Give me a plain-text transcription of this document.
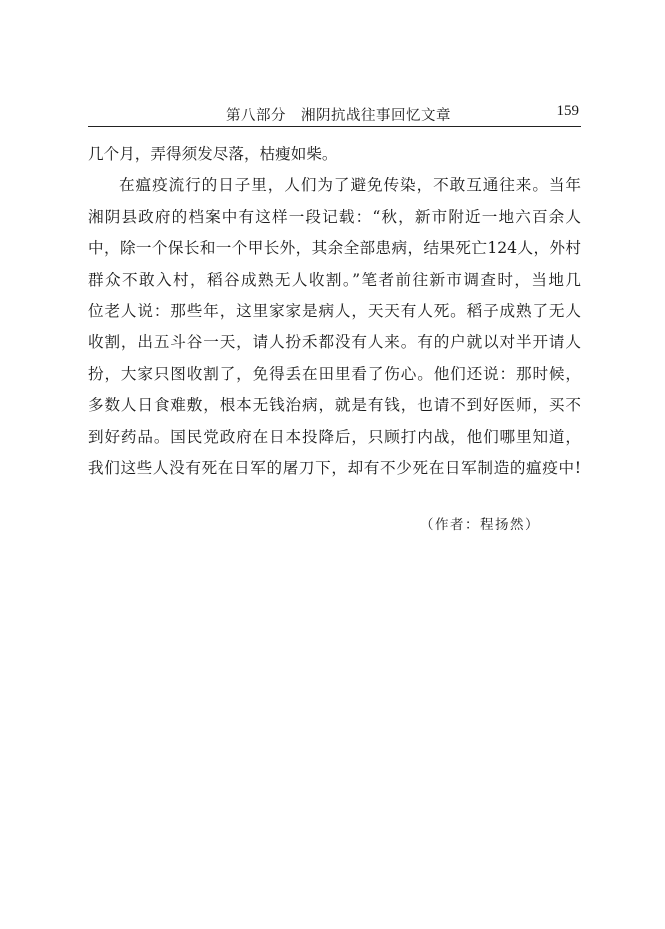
第八部分　湘阴抗战往事回忆文章	159
几个月，弄得须发尽落，枯瘦如柴。
在瘟疫流行的日子里，人们为了避免传染，不敢互通往来。当年
湘阴县政府的档案中有这样一段记载：“秋，新市附近一地六百余人
中，除一个保长和一个甲长外，其余全部患病，结果死亡124人，外村
群众不敢入村，稻谷成熟无人收割。”笔者前往新市调查时，当地几
位老人说：那些年，这里家家是病人，天天有人死。稻子成熟了无人
收割，出五斗谷一天，请人扮禾都没有人来。有的户就以对半开请人
扮，大家只图收割了，免得丢在田里看了伤心。他们还说：那时候，
多数人日食难敷，根本无钱治病，就是有钱，也请不到好医师，买不
到好药品。国民党政府在日本投降后，只顾打内战，他们哪里知道，
我们这些人没有死在日军的屠刀下，却有不少死在日军制造的瘟疫中!
（作者：程扬然）
